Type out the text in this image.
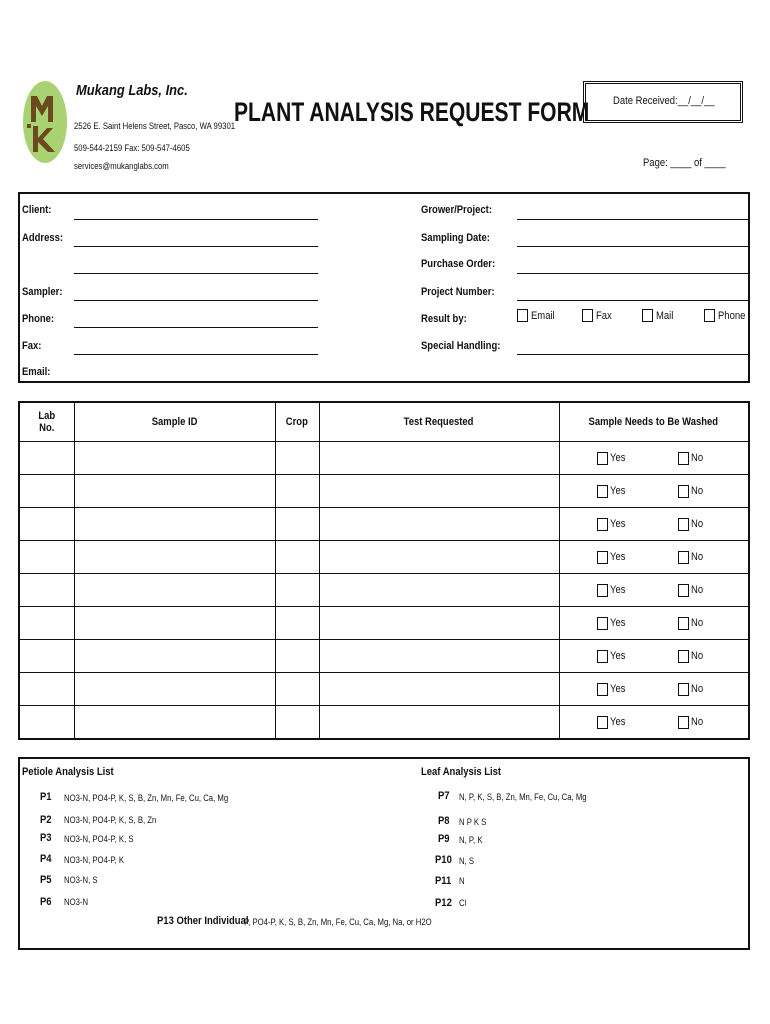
Mukang Labs, Inc.
2526 E. Saint Helens Street, Pasco, WA 99301
509-544-2159 Fax: 509-547-4605
services@mukanglabs.com
PLANT ANALYSIS REQUEST FORM Date Received:__/__/__
Page: ____ of ____
Client:
Address:
Sampler:
Phone:
Fax:
Email:
Grower/Project:
Sampling Date:
Purchase Order:
Project Number:
Result by:	Email	Fax	Mail	Phone
Special Handling:
Lab
No.	Sample ID	Crop	Test Requested	Sample Needs to Be Washed

				Yes No

				Yes No

				Yes No

				Yes No

				Yes No

				Yes No

				Yes No

				Yes No

				Yes No
Petiole Analysis List	Leaf Analysis List
P1 NO3-N, PO4-P, K, S, B, Zn, Mn, Fe, Cu, Ca, Mg
P2 NO3-N, PO4-P, K, S, B, Zn
P3 NO3-N, PO4-P, K, S
P4 NO3-N, PO4-P, K
P5 NO3-N, S
P6 NO3-N
P7 N, P, K, S, B, Zn, Mn, Fe, Cu, Ca, Mg
P8 N P K S
P9 N, P, K
P10 N, S
P11 N
P12 Cl
P13 Other Individual
P, PO4-P, K, S, B, Zn, Mn, Fe, Cu, Ca, Mg, Na, or H2O
